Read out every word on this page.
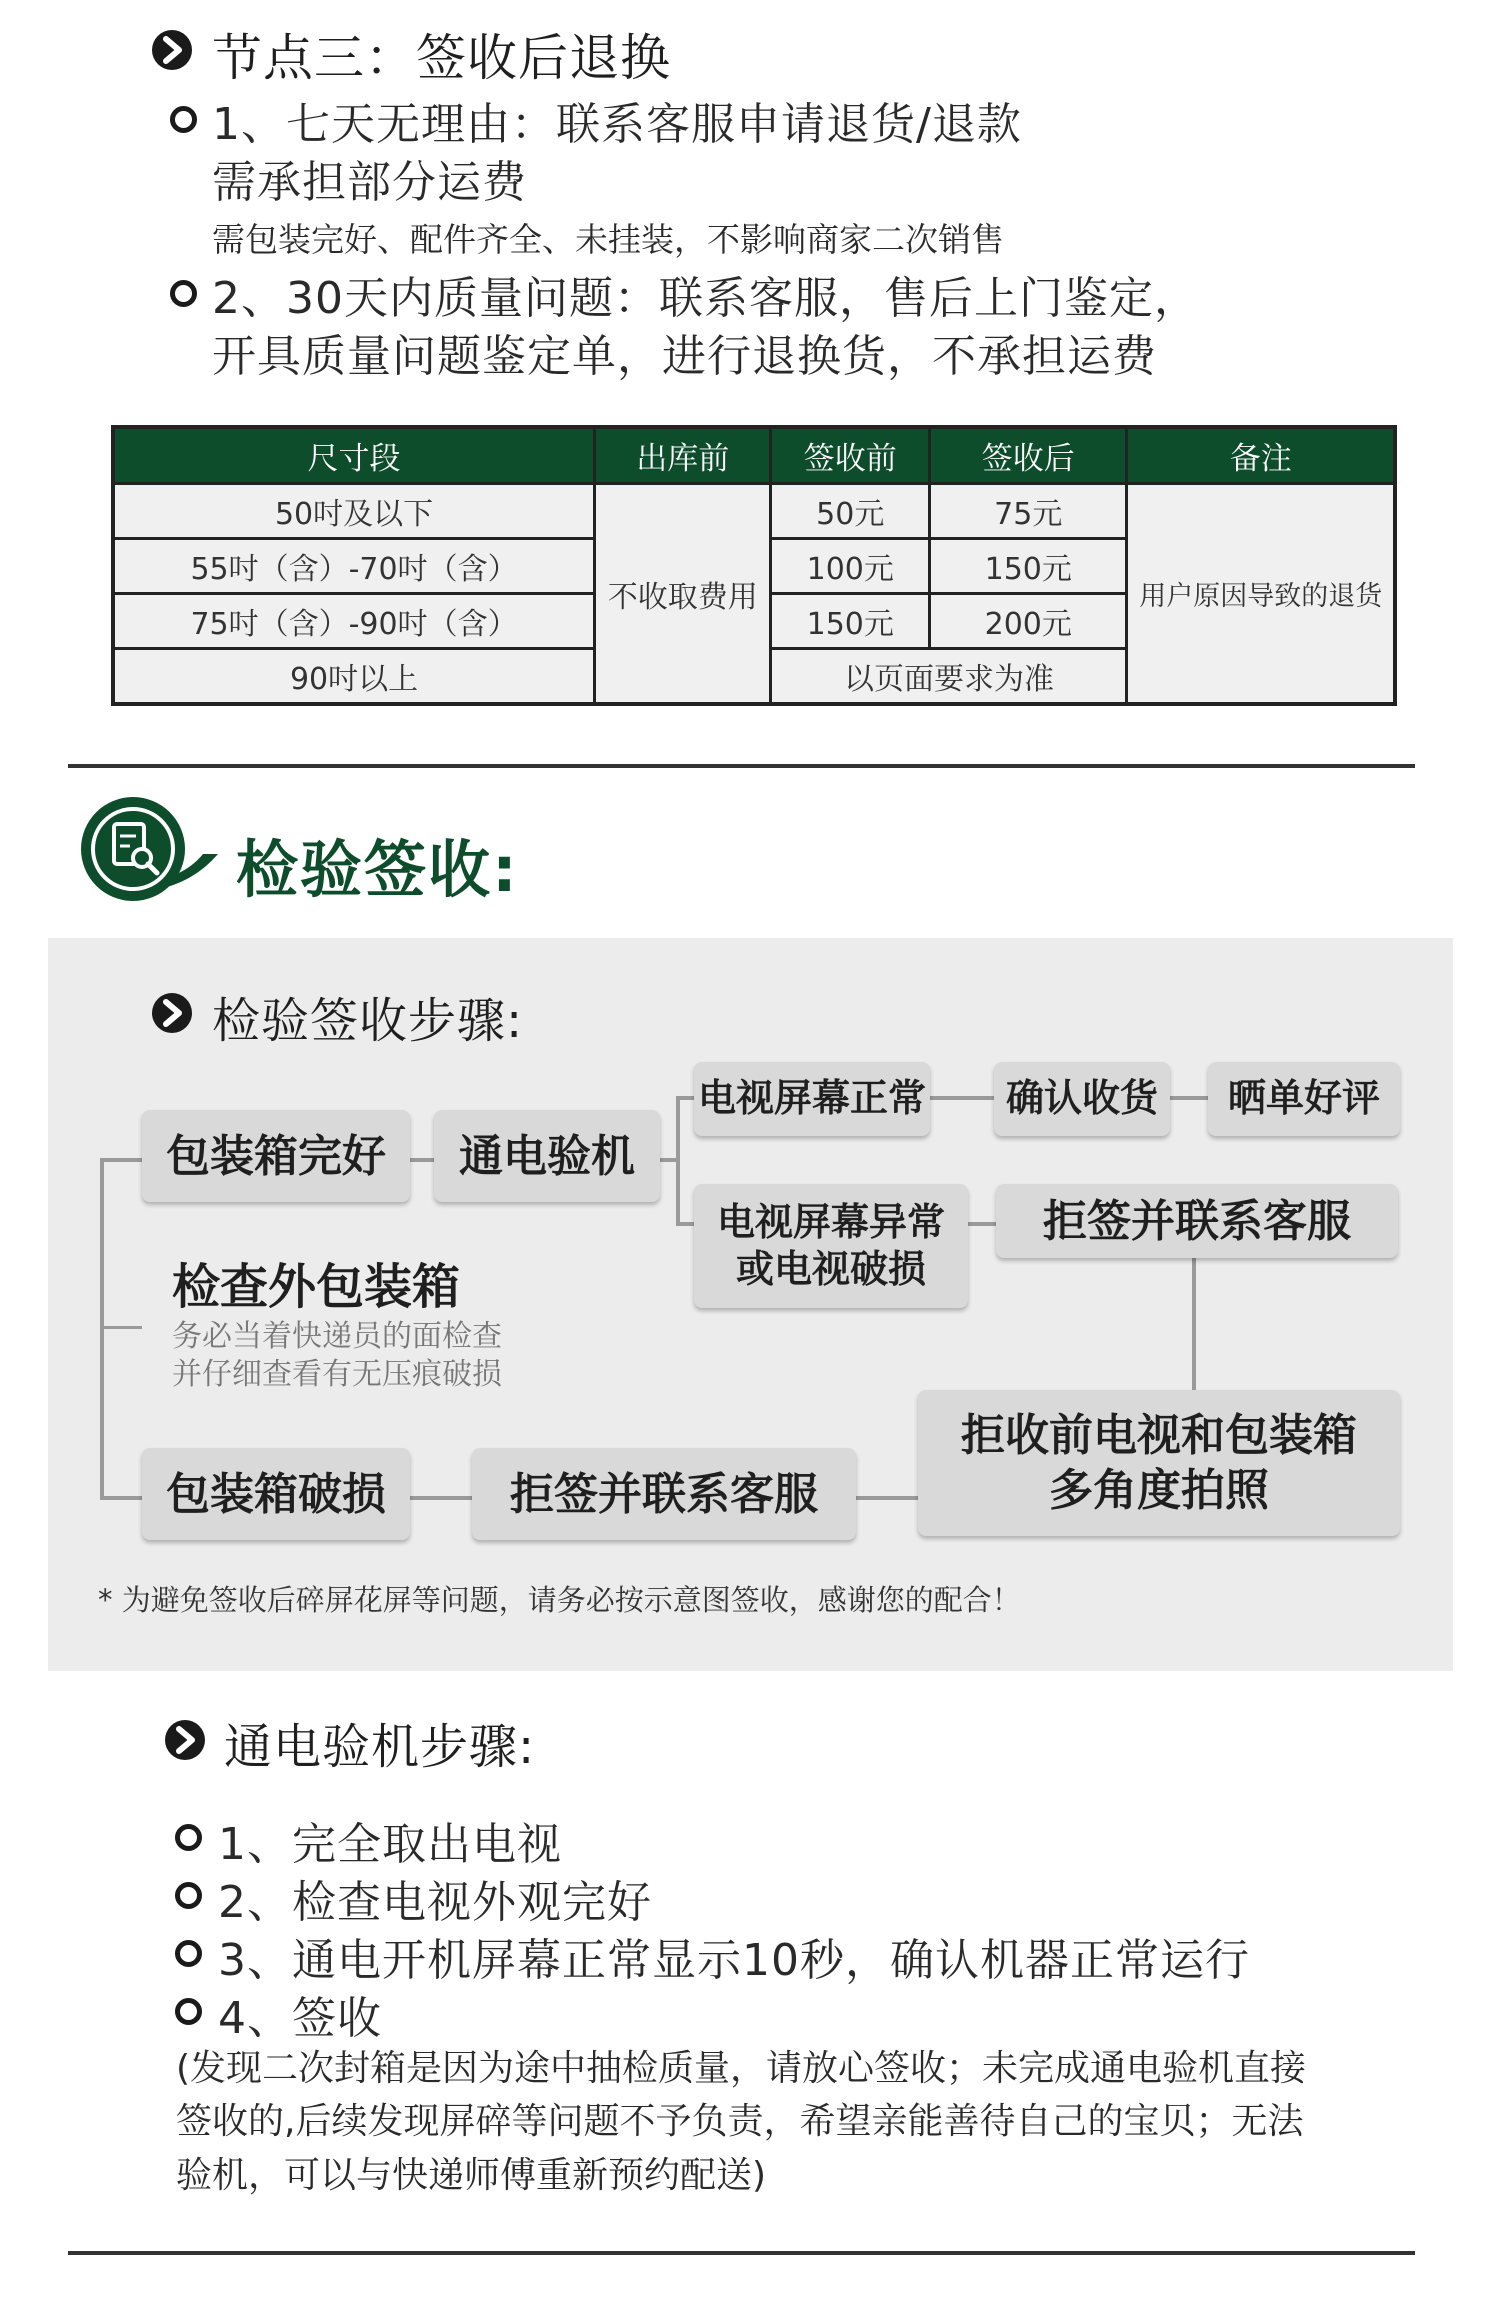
节点三：签收后退换
1、七天无理由：联系客服申请退货/退款
需承担部分运费
需包装完好、配件齐全、未挂装，不影响商家二次销售
2、30天内质量问题：联系客服，售后上门鉴定，
开具质量问题鉴定单，进行退换货，不承担运费
尺寸段	出库前	签收前	签收后	备注
50吋及以下	不收取费用	50元	75元	用户原因导致的退货
55吋（含）-70吋（含）		100元	150元	
75吋（含）-90吋（含）		150元	200元	
90吋以上		以页面要求为准		
检验签收:
检验签收步骤:
包装箱完好	通电验机
电视屏幕正常	确认收货	晒单好评
电视屏幕异常
或电视破损
拒签并联系客服
检查外包装箱
务必当着快递员的面检查
并仔细查看有无压痕破损
包装箱破损	拒签并联系客服
拒收前电视和包装箱
多角度拍照
* 为避免签收后碎屏花屏等问题，请务必按示意图签收，感谢您的配合！
通电验机步骤:
1、完全取出电视
2、检查电视外观完好
3、通电开机屏幕正常显示10秒，确认机器正常运行
4、签收
(发现二次封箱是因为途中抽检质量，请放心签收；未完成通电验机直接
签收的,后续发现屏碎等问题不予负责，希望亲能善待自己的宝贝；无法
验机，可以与快递师傅重新预约配送)
